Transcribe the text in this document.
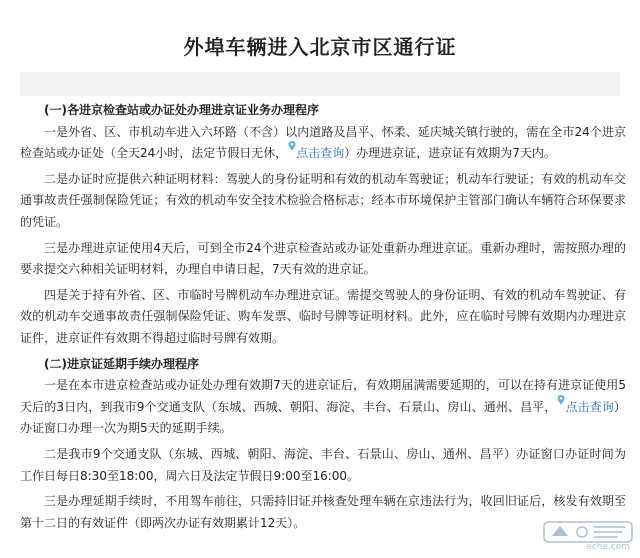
外埠车辆进入北京市区通行证

(一)各进京检查站或办证处办理进京证业务办理程序

一是外省、区、市机动车进入六环路（不含）以内道路及昌平、怀柔、延庆城关镇行驶的，需在全市24个进京检查站或办证处（全天24小时，法定节假日无休， 点击查询）办理进京证，进京证有效期为7天内。

二是办证时应提供六种证明材料：驾驶人的身份证明和有效的机动车驾驶证；机动车行驶证；有效的机动车交通事故责任强制保险凭证；有效的机动车安全技术检验合格标志；经本市环境保护主管部门确认车辆符合环保要求的凭证。

三是办理进京证使用4天后，可到全市24个进京检查站或办证处重新办理进京证。重新办理时，需按照办理的要求提交六种相关证明材料，办理自申请日起，7天有效的进京证。

四是关于持有外省、区、市临时号牌机动车办理进京证。需提交驾驶人的身份证明、有效的机动车驾驶证、有效的机动车交通事故责任强制保险凭证、购车发票、临时号牌等证明材料。此外，应在临时号牌有效期内办理进京证件，进京证件有效期不得超过临时号牌有效期。

(二)进京证延期手续办理程序

一是在本市进京检查站或办证处办理有效期7天的进京证后，有效期届满需要延期的，可以在持有进京证使用5天后的3日内，到我市9个交通支队（东城、西城、朝阳、海淀、丰台、石景山、房山、通州、昌平， 点击查询）办证窗口办理一次为期5天的延期手续。

二是我市9个交通支队（东城、西城、朝阳、海淀、丰台、石景山、房山、通州、昌平）办证窗口办证时间为工作日每日8:30至18:00，周六日及法定节假日9:00至16:00。

三是办理延期手续时，不用驾车前往，只需持旧证并核查处理车辆在京违法行为，收回旧证后，核发有效期至第十二日的有效证件（即两次办证有效期累计12天）。

eche.com
